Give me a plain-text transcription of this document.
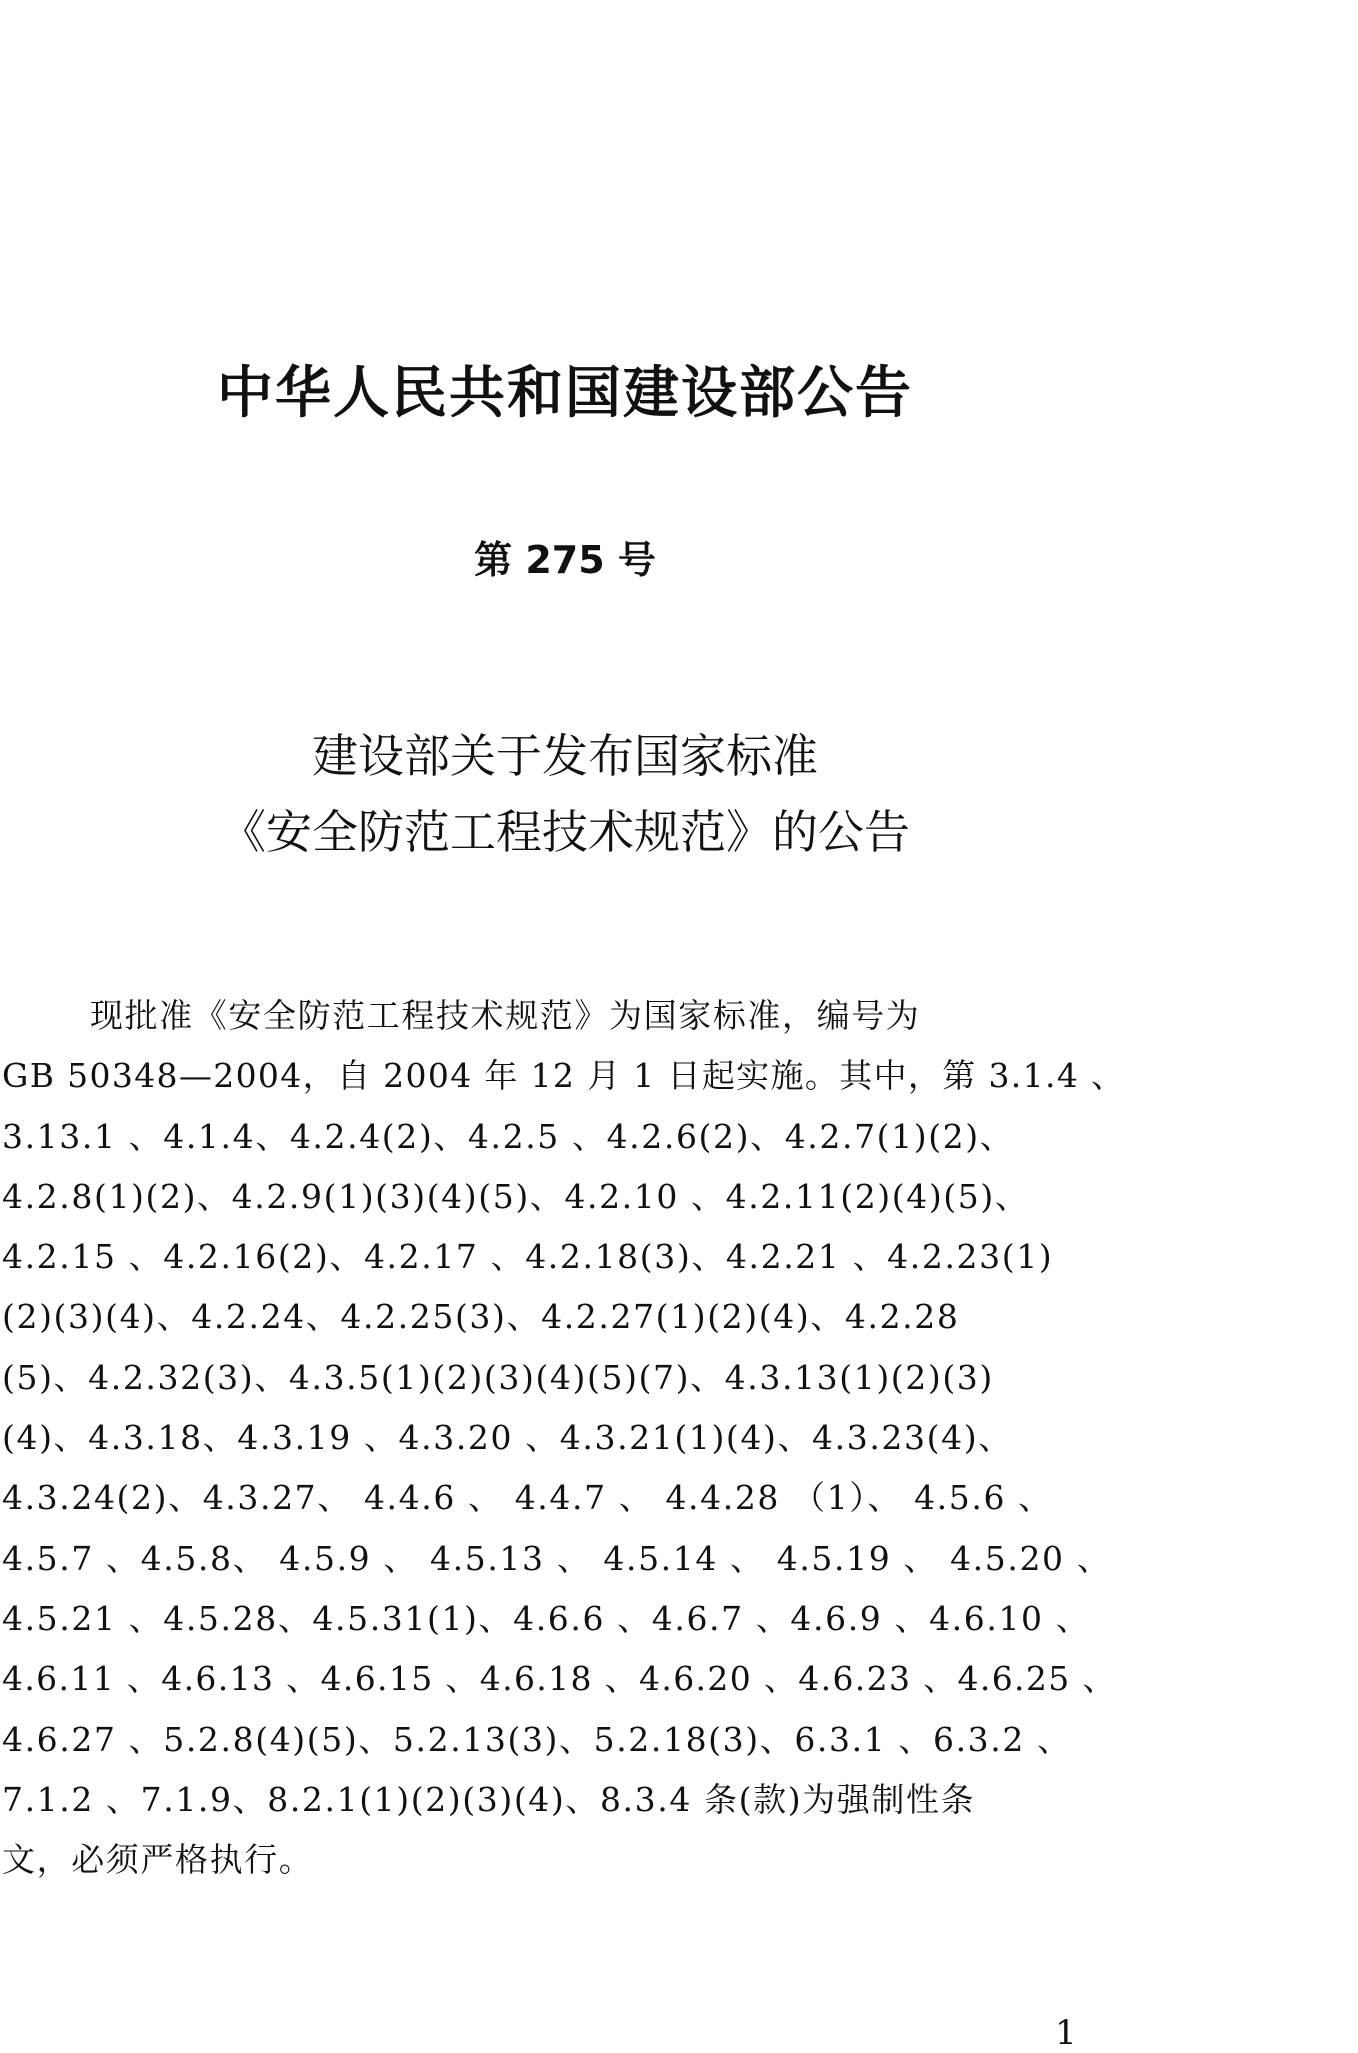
中华人民共和国建设部公告
第 275 号
建设部关于发布国家标准
《安全防范工程技术规范》的公告
现批准《安全防范工程技术规范》为国家标准，编号为
GB 50348—2004，自 2004 年 12 月 1 日起实施。其中，第 3.1.4 、
3.13.1 、4.1.4、4.2.4(2)、4.2.5 、4.2.6(2)、4.2.7(1)(2)、
4.2.8(1)(2)、4.2.9(1)(3)(4)(5)、4.2.10 、4.2.11(2)(4)(5)、
4.2.15 、4.2.16(2)、4.2.17 、4.2.18(3)、4.2.21 、4.2.23(1)
(2)(3)(4)、4.2.24、4.2.25(3)、4.2.27(1)(2)(4)、4.2.28
(5)、4.2.32(3)、4.3.5(1)(2)(3)(4)(5)(7)、4.3.13(1)(2)(3)
(4)、4.3.18、4.3.19 、4.3.20 、4.3.21(1)(4)、4.3.23(4)、
4.3.24(2)、4.3.27、 4.4.6 、 4.4.7 、 4.4.28 （1）、 4.5.6 、
4.5.7 、4.5.8、 4.5.9 、 4.5.13 、 4.5.14 、 4.5.19 、 4.5.20 、
4.5.21 、4.5.28、4.5.31(1)、4.6.6 、4.6.7 、4.6.9 、4.6.10 、
4.6.11 、4.6.13 、4.6.15 、4.6.18 、4.6.20 、4.6.23 、4.6.25 、
4.6.27 、5.2.8(4)(5)、5.2.13(3)、5.2.18(3)、6.3.1 、6.3.2 、
7.1.2 、7.1.9、8.2.1(1)(2)(3)(4)、8.3.4 条(款)为强制性条
文，必须严格执行。
1
